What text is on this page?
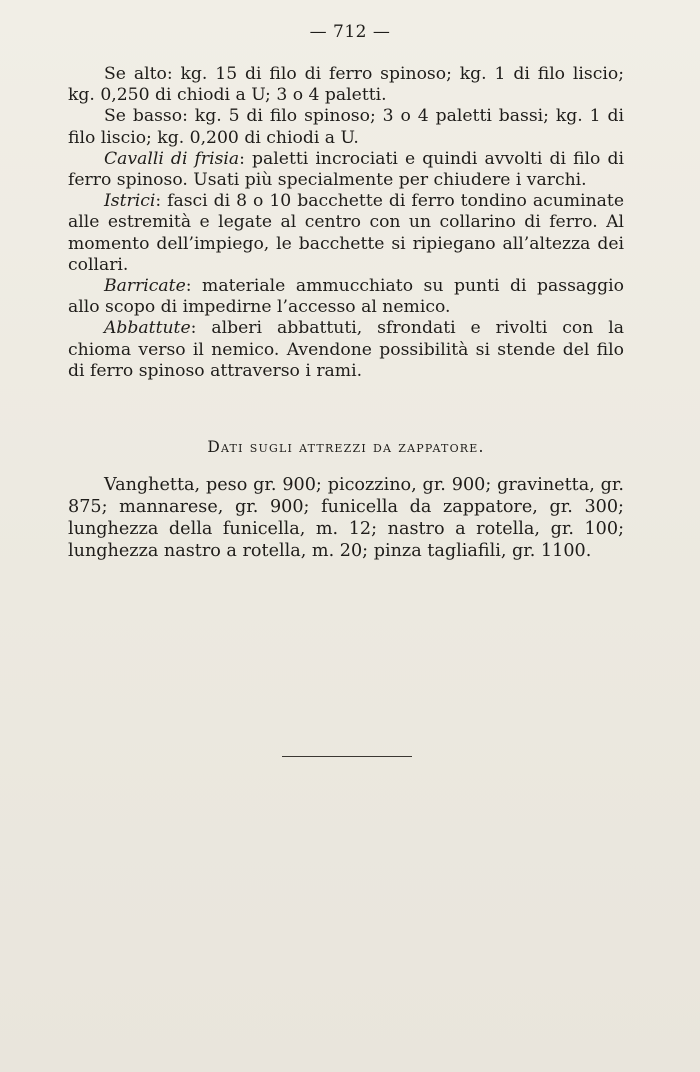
— 712 —

Se alto: kg. 15 di filo di ferro spinoso; kg. 1 di filo liscio; kg. 0,250 di chiodi a U; 3 o 4 paletti.

Se basso: kg. 5 di filo spinoso; 3 o 4 paletti bassi; kg. 1 di filo liscio; kg. 0,200 di chiodi a U.

Cavalli di frisia: paletti incrociati e quindi avvolti di filo di ferro spinoso. Usati più specialmente per chiudere i varchi.

Istrici: fasci di 8 o 10 bacchette di ferro tondino acuminate alle estremità e legate al centro con un collarino di ferro. Al momento dell’impiego, le bacchette si ripiegano all’altezza dei collari.

Barricate: materiale ammucchiato su punti di passaggio allo scopo di impedirne l’accesso al nemico.

Abbattute: alberi abbattuti, sfrondati e rivolti con la chioma verso il nemico. Avendone possibilità si stende del filo di ferro spinoso attraverso i rami.

Dati sugli attrezzi da zappatore.

Vanghetta, peso gr. 900; picozzino, gr. 900; gravinetta, gr. 875; mannarese, gr. 900; funicella da zappatore, gr. 300; lunghezza della funicella, m. 12; nastro a rotella, gr. 100; lunghezza nastro a rotella, m. 20; pinza tagliafili, gr. 1100.
